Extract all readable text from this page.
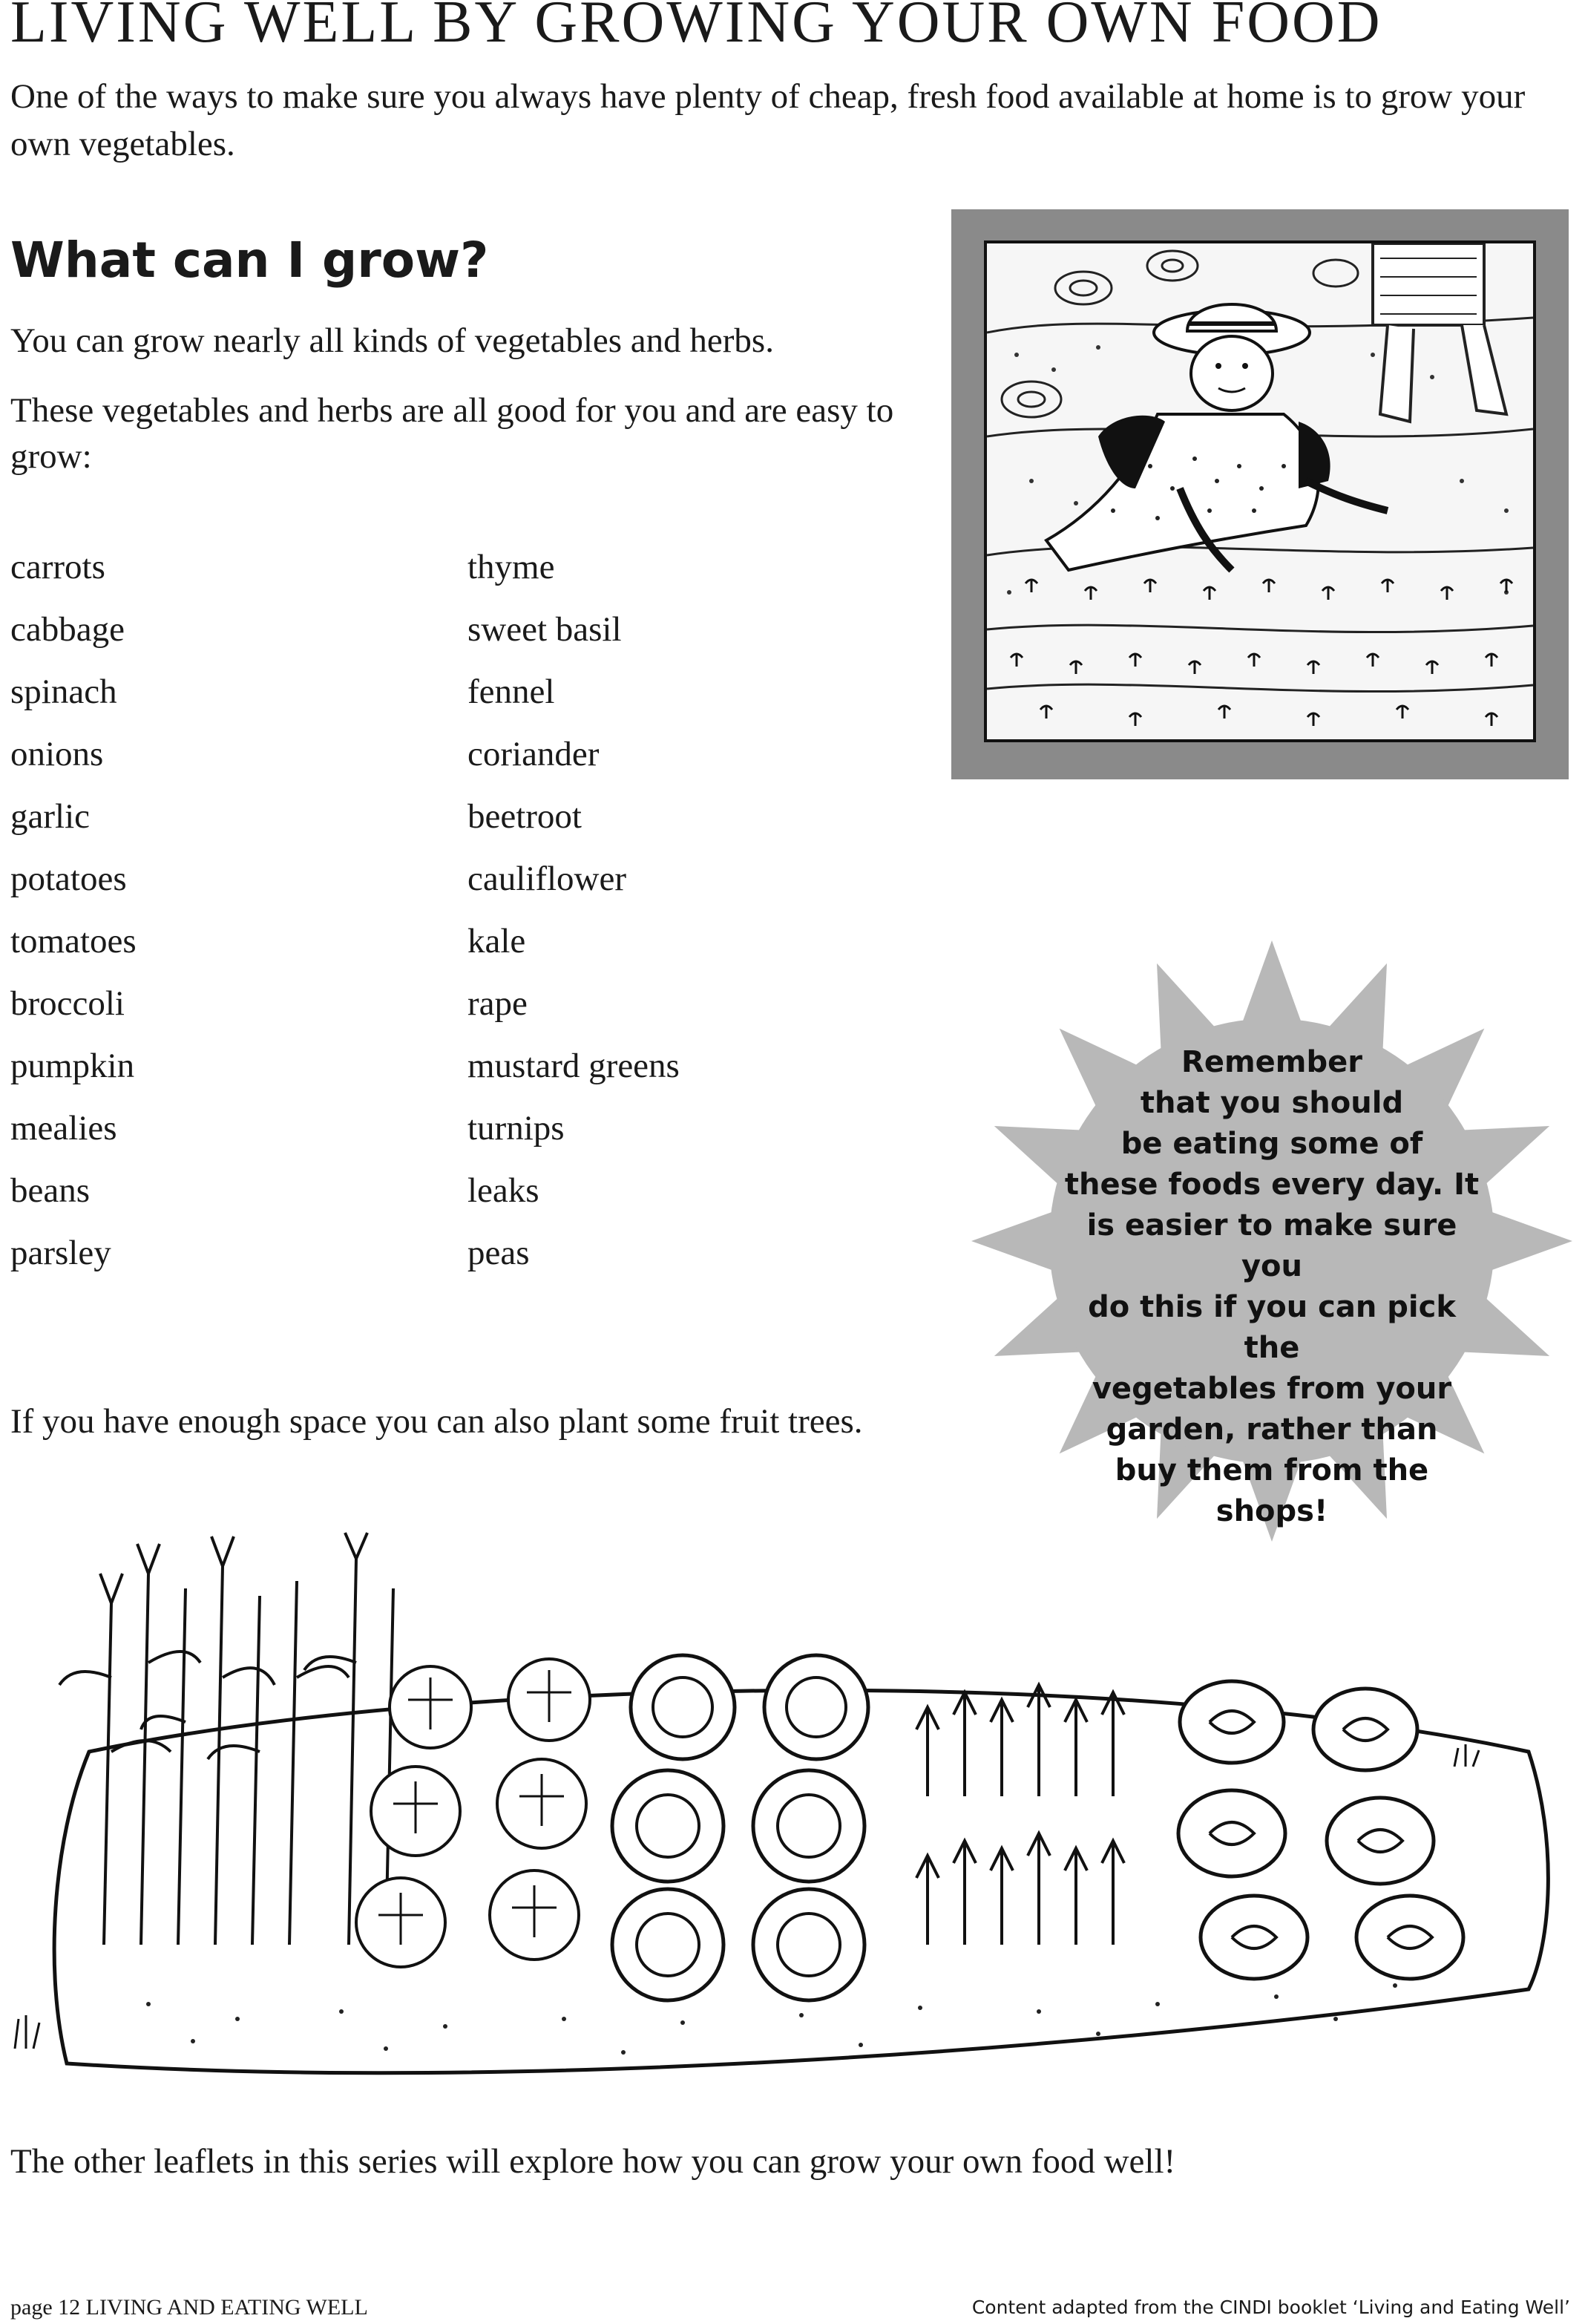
LIVING WELL BY GROWING YOUR OWN FOOD
One of the ways to make sure you always have plenty of cheap, fresh food available at home is to grow your own vegetables.
What can I grow?
You can grow nearly all kinds of vegetables and herbs.
These vegetables and herbs are all good for you and are easy to grow:
carrots
cabbage
spinach
onions
garlic
potatoes
tomatoes
broccoli
pumpkin
mealies
beans
parsley
thyme
sweet basil
fennel
coriander
beetroot
cauliflower
kale
rape
mustard greens
turnips
leaks
peas
If you have enough space you can also plant some fruit trees.
Remember
that you should
be eating some of
these foods every day. It
is easier to make sure you
do this if you can pick the
vegetables from your
garden, rather than
buy them from the
shops!
The other leaflets in this series will explore how you can grow your own food well!
page 12 LIVING AND EATING WELL	Content adapted from the CINDI booklet ‘Living and Eating Well’
